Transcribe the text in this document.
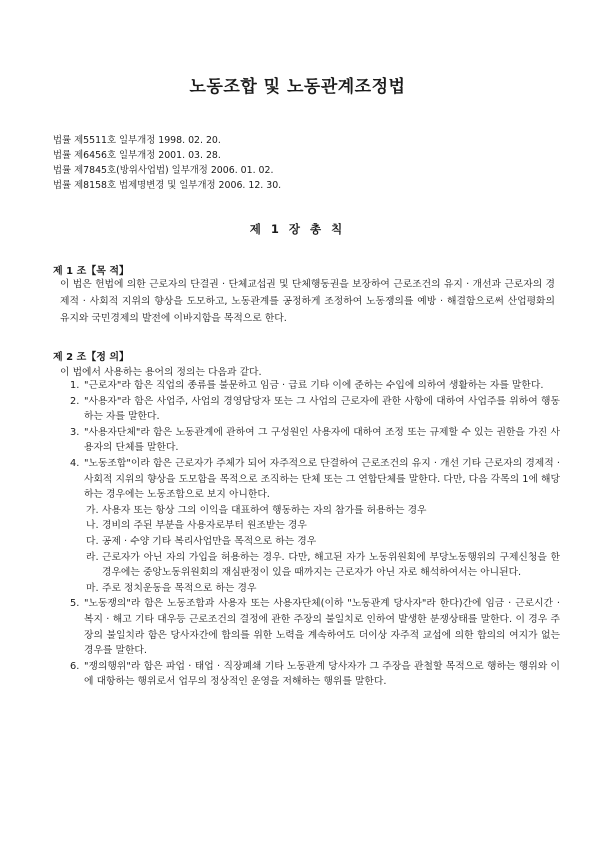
노동조합 및 노동관계조정법
법률 제5511호 일부개정 1998. 02. 20.
법률 제6456호 일부개정 2001. 03. 28.
법률 제7845호(방위사업법) 일부개정 2006. 01. 02.
법률 제8158호 법제명변경 및 일부개정 2006. 12. 30.
제 1 장 총 칙
제 1 조【목 적】
이 법은 헌법에 의한 근로자의 단결권 · 단체교섭권 및 단체행동권을 보장하여 근로조건의 유지 · 개선과 근로자의 경제적 · 사회적 지위의 향상을 도모하고, 노동관계를 공정하게 조정하여 노동쟁의를 예방 · 해결함으로써 산업평화의 유지와 국민경제의 발전에 이바지함을 목적으로 한다.
제 2 조【정 의】
이 법에서 사용하는 용어의 정의는 다음과 같다.
1. "근로자"라 함은 직업의 종류를 불문하고 임금 · 급료 기타 이에 준하는 수입에 의하여 생활하는 자를 말한다.
2. "사용자"라 함은 사업주, 사업의 경영담당자 또는 그 사업의 근로자에 관한 사항에 대하여 사업주를 위하여 행동하는 자를 말한다.
3. "사용자단체"라 함은 노동관계에 관하여 그 구성원인 사용자에 대하여 조정 또는 규제할 수 있는 권한을 가진 사용자의 단체를 말한다.
4. "노동조합"이라 함은 근로자가 주체가 되어 자주적으로 단결하여 근로조건의 유지 · 개선 기타 근로자의 경제적 · 사회적 지위의 향상을 도모함을 목적으로 조직하는 단체 또는 그 연합단체를 말한다. 다만, 다음 각목의 1에 해당하는 경우에는 노동조합으로 보지 아니한다.
가. 사용자 또는 항상 그의 이익을 대표하여 행동하는 자의 참가를 허용하는 경우
나. 경비의 주된 부분을 사용자로부터 원조받는 경우
다. 공제 · 수양 기타 복리사업만을 목적으로 하는 경우
라. 근로자가 아닌 자의 가입을 허용하는 경우. 다만, 해고된 자가 노동위원회에 부당노동행위의 구제신청을 한 경우에는 중앙노동위원회의 재심판정이 있을 때까지는 근로자가 아닌 자로 해석하여서는 아니된다.
마. 주로 정치운동을 목적으로 하는 경우
5. "노동쟁의"라 함은 노동조합과 사용자 또는 사용자단체(이하 "노동관계 당사자"라 한다)간에 임금 · 근로시간 · 복지 · 해고 기타 대우등 근로조건의 결정에 관한 주장의 불일치로 인하여 발생한 분쟁상태를 말한다. 이 경우 주장의 불일치라 함은 당사자간에 합의를 위한 노력을 계속하여도 더이상 자주적 교섭에 의한 합의의 여지가 없는 경우를 말한다.
6. "쟁의행위"라 함은 파업 · 태업 · 직장폐쇄 기타 노동관계 당사자가 그 주장을 관철할 목적으로 행하는 행위와 이에 대항하는 행위로서 업무의 정상적인 운영을 저해하는 행위를 말한다.
